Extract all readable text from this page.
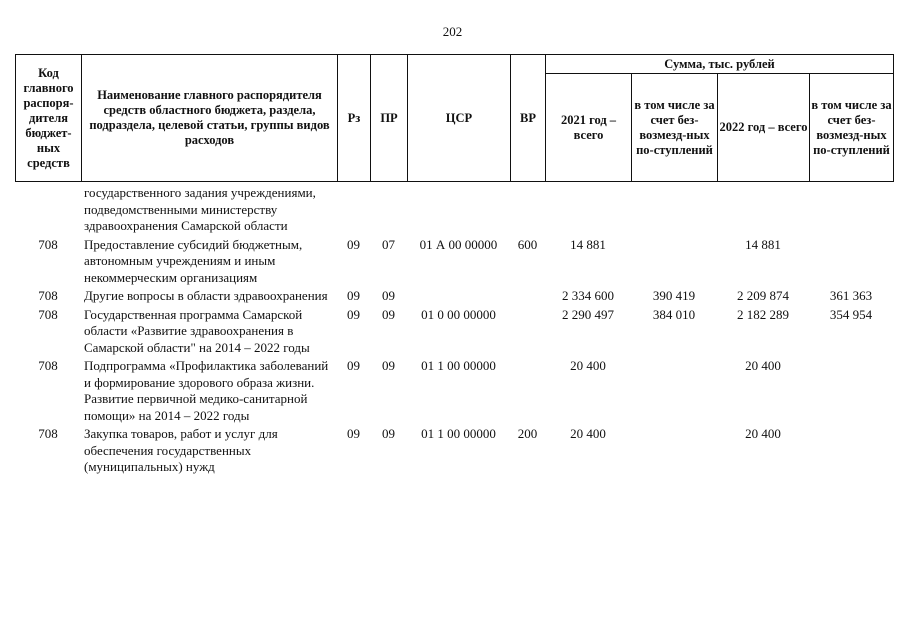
202
Код главного распоря-дителя бюджет-ных средств	Наименование главного распорядителя средств областного бюджета, раздела, подраздела, целевой статьи, группы видов расходов	Рз	ПР	ЦСР	ВР	Сумма, тыс. рублей			
						2021 год – всего	в том числе за счет без-возмезд-ных по-ступлений	2022 год – всего	в том числе за счет без-возмезд-ных по-ступлений
	государственного задания учреждениями, подведомственными министерству здравоохранения Самарской области								

708	Предоставление субсидий бюджетным, автономным учреждениям и иным некоммерческим организациям	09	07	01 А 00 00000	600	14 881		14 881	

708	Другие вопросы в области здравоохранения	09	09			2 334 600	390 419	2 209 874	361 363

708	Государственная программа Самарской области «Развитие здравоохранения в Самарской области" на 2014 – 2022 годы	09	09	01 0 00 00000		2 290 497	384 010	2 182 289	354 954

708	Подпрограмма «Профилактика заболеваний и формирование здорового образа жизни. Развитие первичной медико-санитарной помощи» на 2014 – 2022 годы	09	09	01 1 00 00000		20 400		20 400	

708	Закупка товаров, работ и услуг для обеспечения государственных (муниципальных) нужд	09	09	01 1 00 00000	200	20 400		20 400	
